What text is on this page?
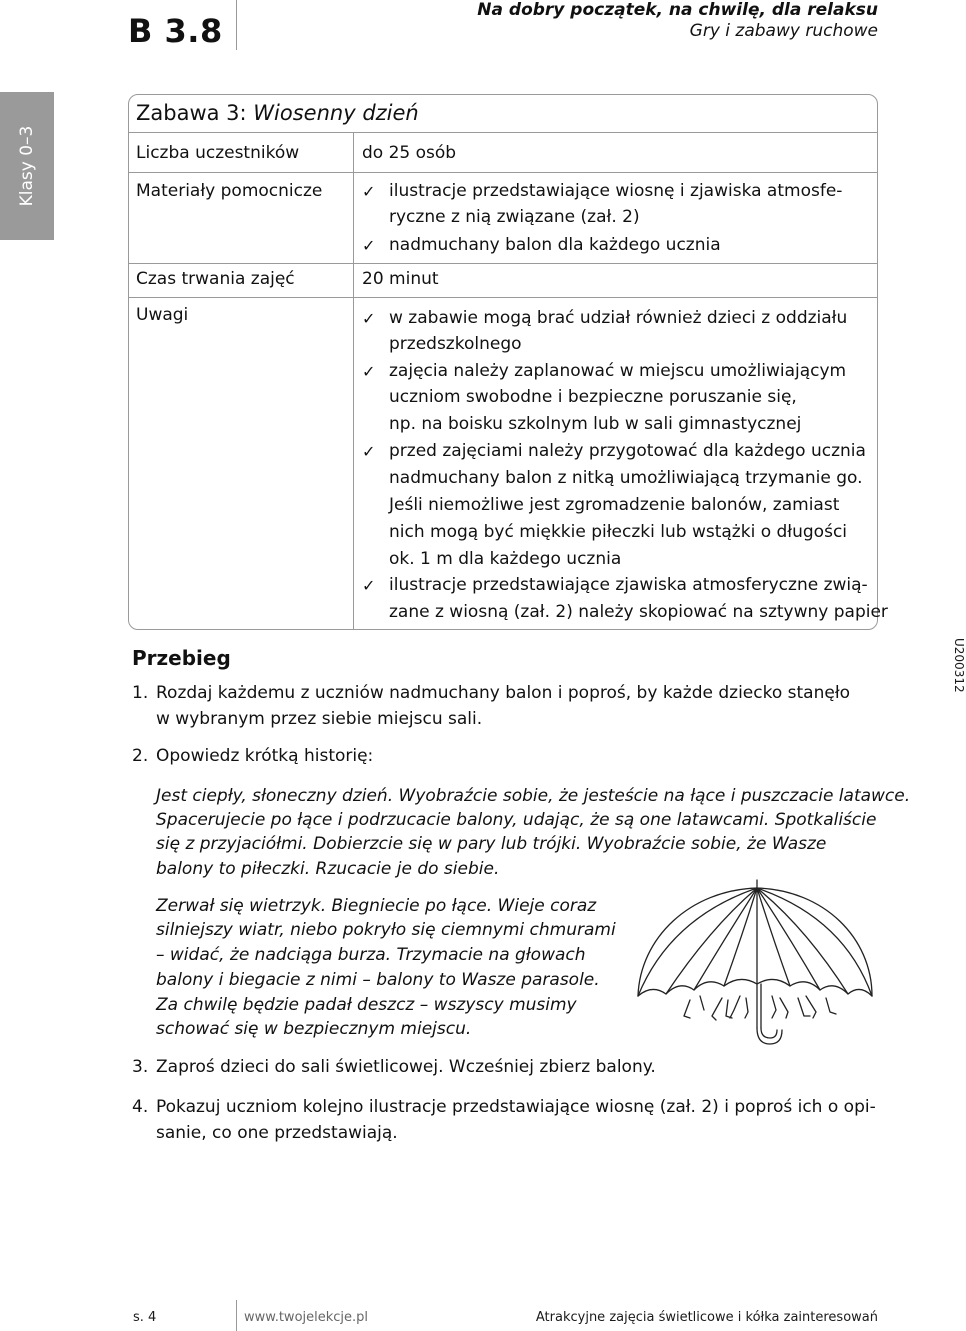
B 3.8
Na dobry początek, na chwilę, dla relaksu
Gry i zabawy ruchowe
Klasy 0–3
U200312
Zabawa 3: Wiosenny dzień
Liczba uczestników	do 25 osób
Materiały pomocnicze ✓ ilustracje przedstawiające wiosnę i zjawiska atmosfe-
ryczne z nią związane (zał. 2)
✓ nadmuchany balon dla każdego ucznia
Czas trwania zajęć	20 minut
Uwagi	✓ w zabawie mogą brać udział również dzieci z oddziału
przedszkolnego
✓ zajęcia należy zaplanować w miejscu umożliwiającym
uczniom swobodne i bezpieczne poruszanie się,
np. na boisku szkolnym lub w sali gimnastycznej
✓ przed zajęciami należy przygotować dla każdego ucznia
nadmuchany balon z nitką umożliwiającą trzymanie go.
Jeśli niemożliwe jest zgromadzenie balonów, zamiast
nich mogą być miękkie piłeczki lub wstążki o długości
ok. 1 m dla każdego ucznia
✓ ilustracje przedstawiające zjawiska atmosferyczne zwią-
zane z wiosną (zał. 2) należy skopiować na sztywny papier
Przebieg
1. Rozdaj każdemu z uczniów nadmuchany balon i poproś, by każde dziecko stanęło
w wybranym przez siebie miejscu sali.
2. Opowiedz krótką historię:
Jest ciepły, słoneczny dzień. Wyobraźcie sobie, że jesteście na łące i puszczacie latawce.
Spacerujecie po łące i podrzucacie balony, udając, że są one latawcami. Spotkaliście
się z przyjaciółmi. Dobierzcie się w pary lub trójki. Wyobraźcie sobie, że Wasze
balony to piłeczki. Rzucacie je do siebie.
Zerwał się wietrzyk. Biegniecie po łące. Wieje coraz
silniejszy wiatr, niebo pokryło się ciemnymi chmurami
– widać, że nadciąga burza. Trzymacie na głowach
balony i biegacie z nimi – balony to Wasze parasole.
Za chwilę będzie padał deszcz – wszyscy musimy
schować się w bezpiecznym miejscu.
3. Zaproś dzieci do sali świetlicowej. Wcześniej zbierz balony.
4. Pokazuj uczniom kolejno ilustracje przedstawiające wiosnę (zał. 2) i poproś ich o opi-
sanie, co one przedstawiają.
s. 4	www.twojelekcje.pl	Atrakcyjne zajęcia świetlicowe i kółka zainteresowań
